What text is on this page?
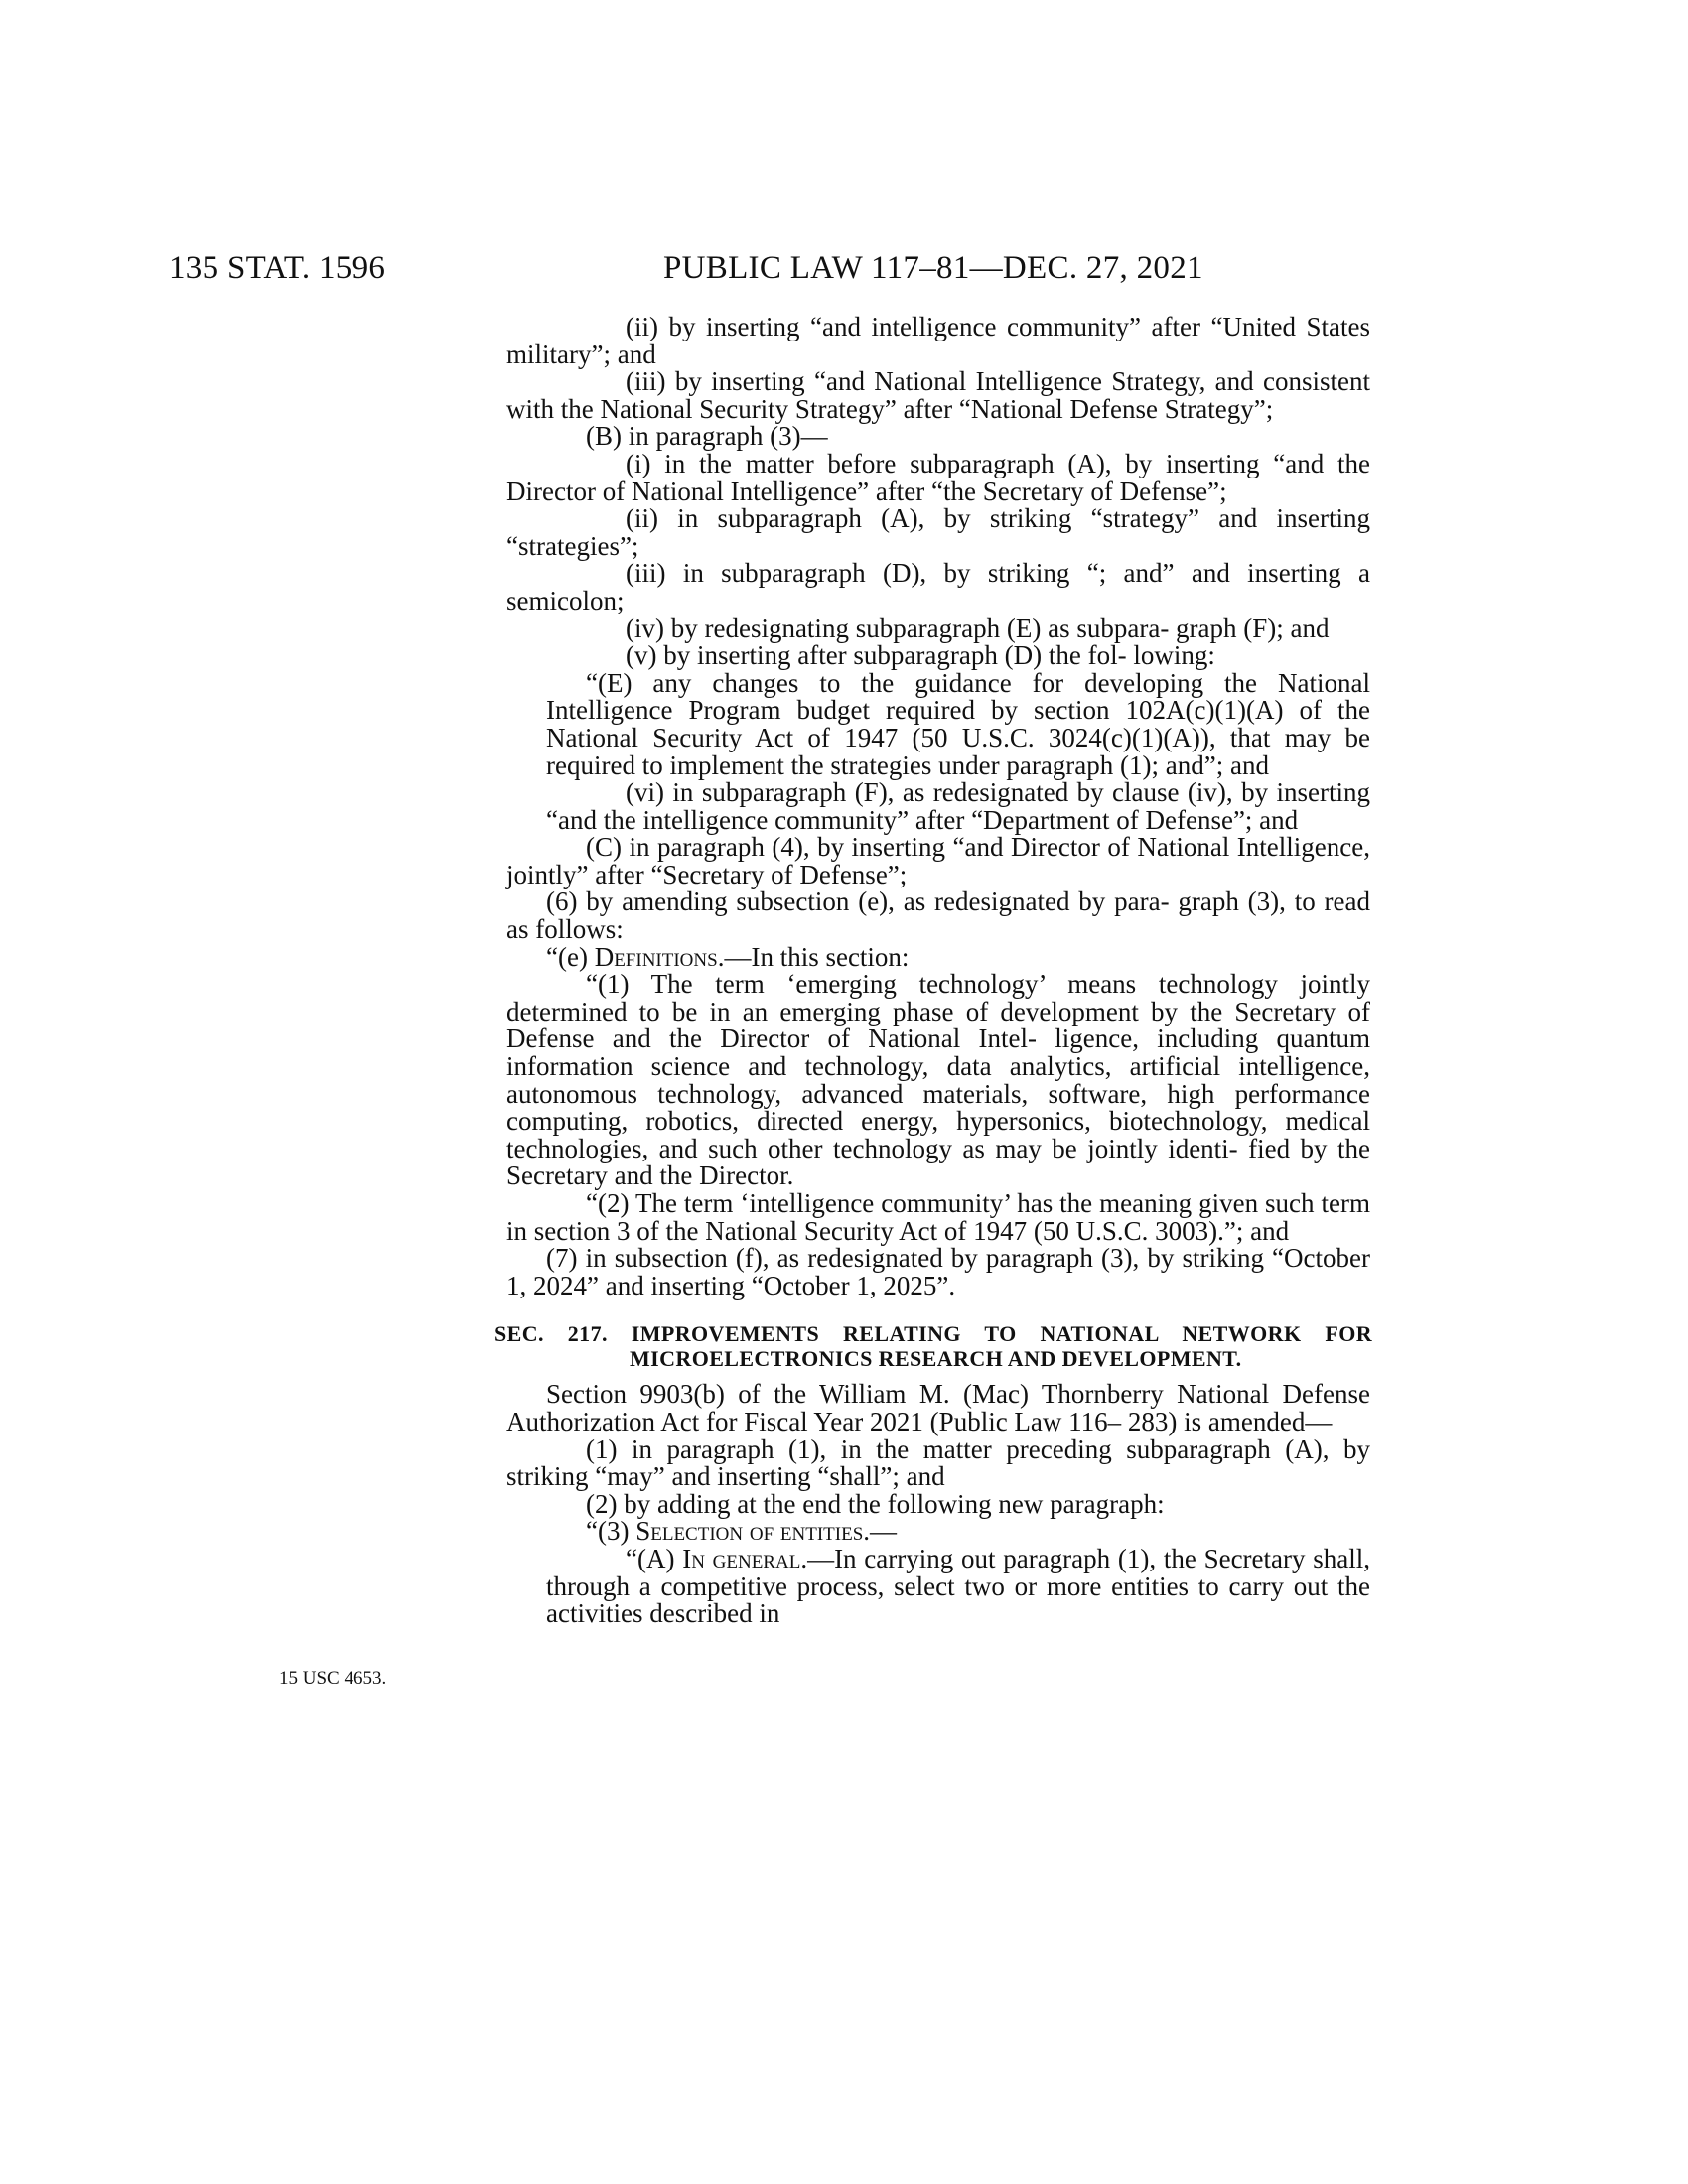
135 STAT. 1596	PUBLIC LAW 117–81—DEC. 27, 2021
15 USC 4653.

(ii) by inserting “and intelligence community” after “United States military”; and

(iii) by inserting “and National Intelligence Strategy, and consistent with the National Security Strategy” after “National Defense Strategy”;

(B) in paragraph (3)—

(i) in the matter before subparagraph (A), by inserting “and the Director of National Intelligence” after “the Secretary of Defense”;

(ii) in subparagraph (A), by striking “strategy” and inserting “strategies”;

(iii) in subparagraph (D), by striking “; and” and inserting a semicolon;

(iv) by redesignating subparagraph (E) as subpara- graph (F); and

(v) by inserting after subparagraph (D) the fol- lowing:

“(E) any changes to the guidance for developing the National Intelligence Program budget required by section 102A(c)(1)(A) of the National Security Act of 1947 (50 U.S.C. 3024(c)(1)(A)), that may be required to implement the strategies under paragraph (1); and”; and

(vi) in subparagraph (F), as redesignated by clause (iv), by inserting “and the intelligence community” after “Department of Defense”; and

(C) in paragraph (4), by inserting “and Director of National Intelligence, jointly” after “Secretary of Defense”;

(6) by amending subsection (e), as redesignated by para- graph (3), to read as follows:

“(e) Definitions.—In this section:

“(1) The term ‘emerging technology’ means technology jointly determined to be in an emerging phase of development by the Secretary of Defense and the Director of National Intel- ligence, including quantum information science and technology, data analytics, artificial intelligence, autonomous technology, advanced materials, software, high performance computing, robotics, directed energy, hypersonics, biotechnology, medical technologies, and such other technology as may be jointly identi- fied by the Secretary and the Director.

“(2) The term ‘intelligence community’ has the meaning given such term in section 3 of the National Security Act of 1947 (50 U.S.C. 3003).”; and

(7) in subsection (f), as redesignated by paragraph (3), by striking “October 1, 2024” and inserting “October 1, 2025”.

SEC. 217. IMPROVEMENTS RELATING TO NATIONAL NETWORK FOR MICROELECTRONICS RESEARCH AND DEVELOPMENT.

Section 9903(b) of the William M. (Mac) Thornberry National Defense Authorization Act for Fiscal Year 2021 (Public Law 116– 283) is amended—

(1) in paragraph (1), in the matter preceding subparagraph (A), by striking “may” and inserting “shall”; and

(2) by adding at the end the following new paragraph:

“(3) Selection of entities.—

“(A) In general.—In carrying out paragraph (1), the Secretary shall, through a competitive process, select two or more entities to carry out the activities described in
